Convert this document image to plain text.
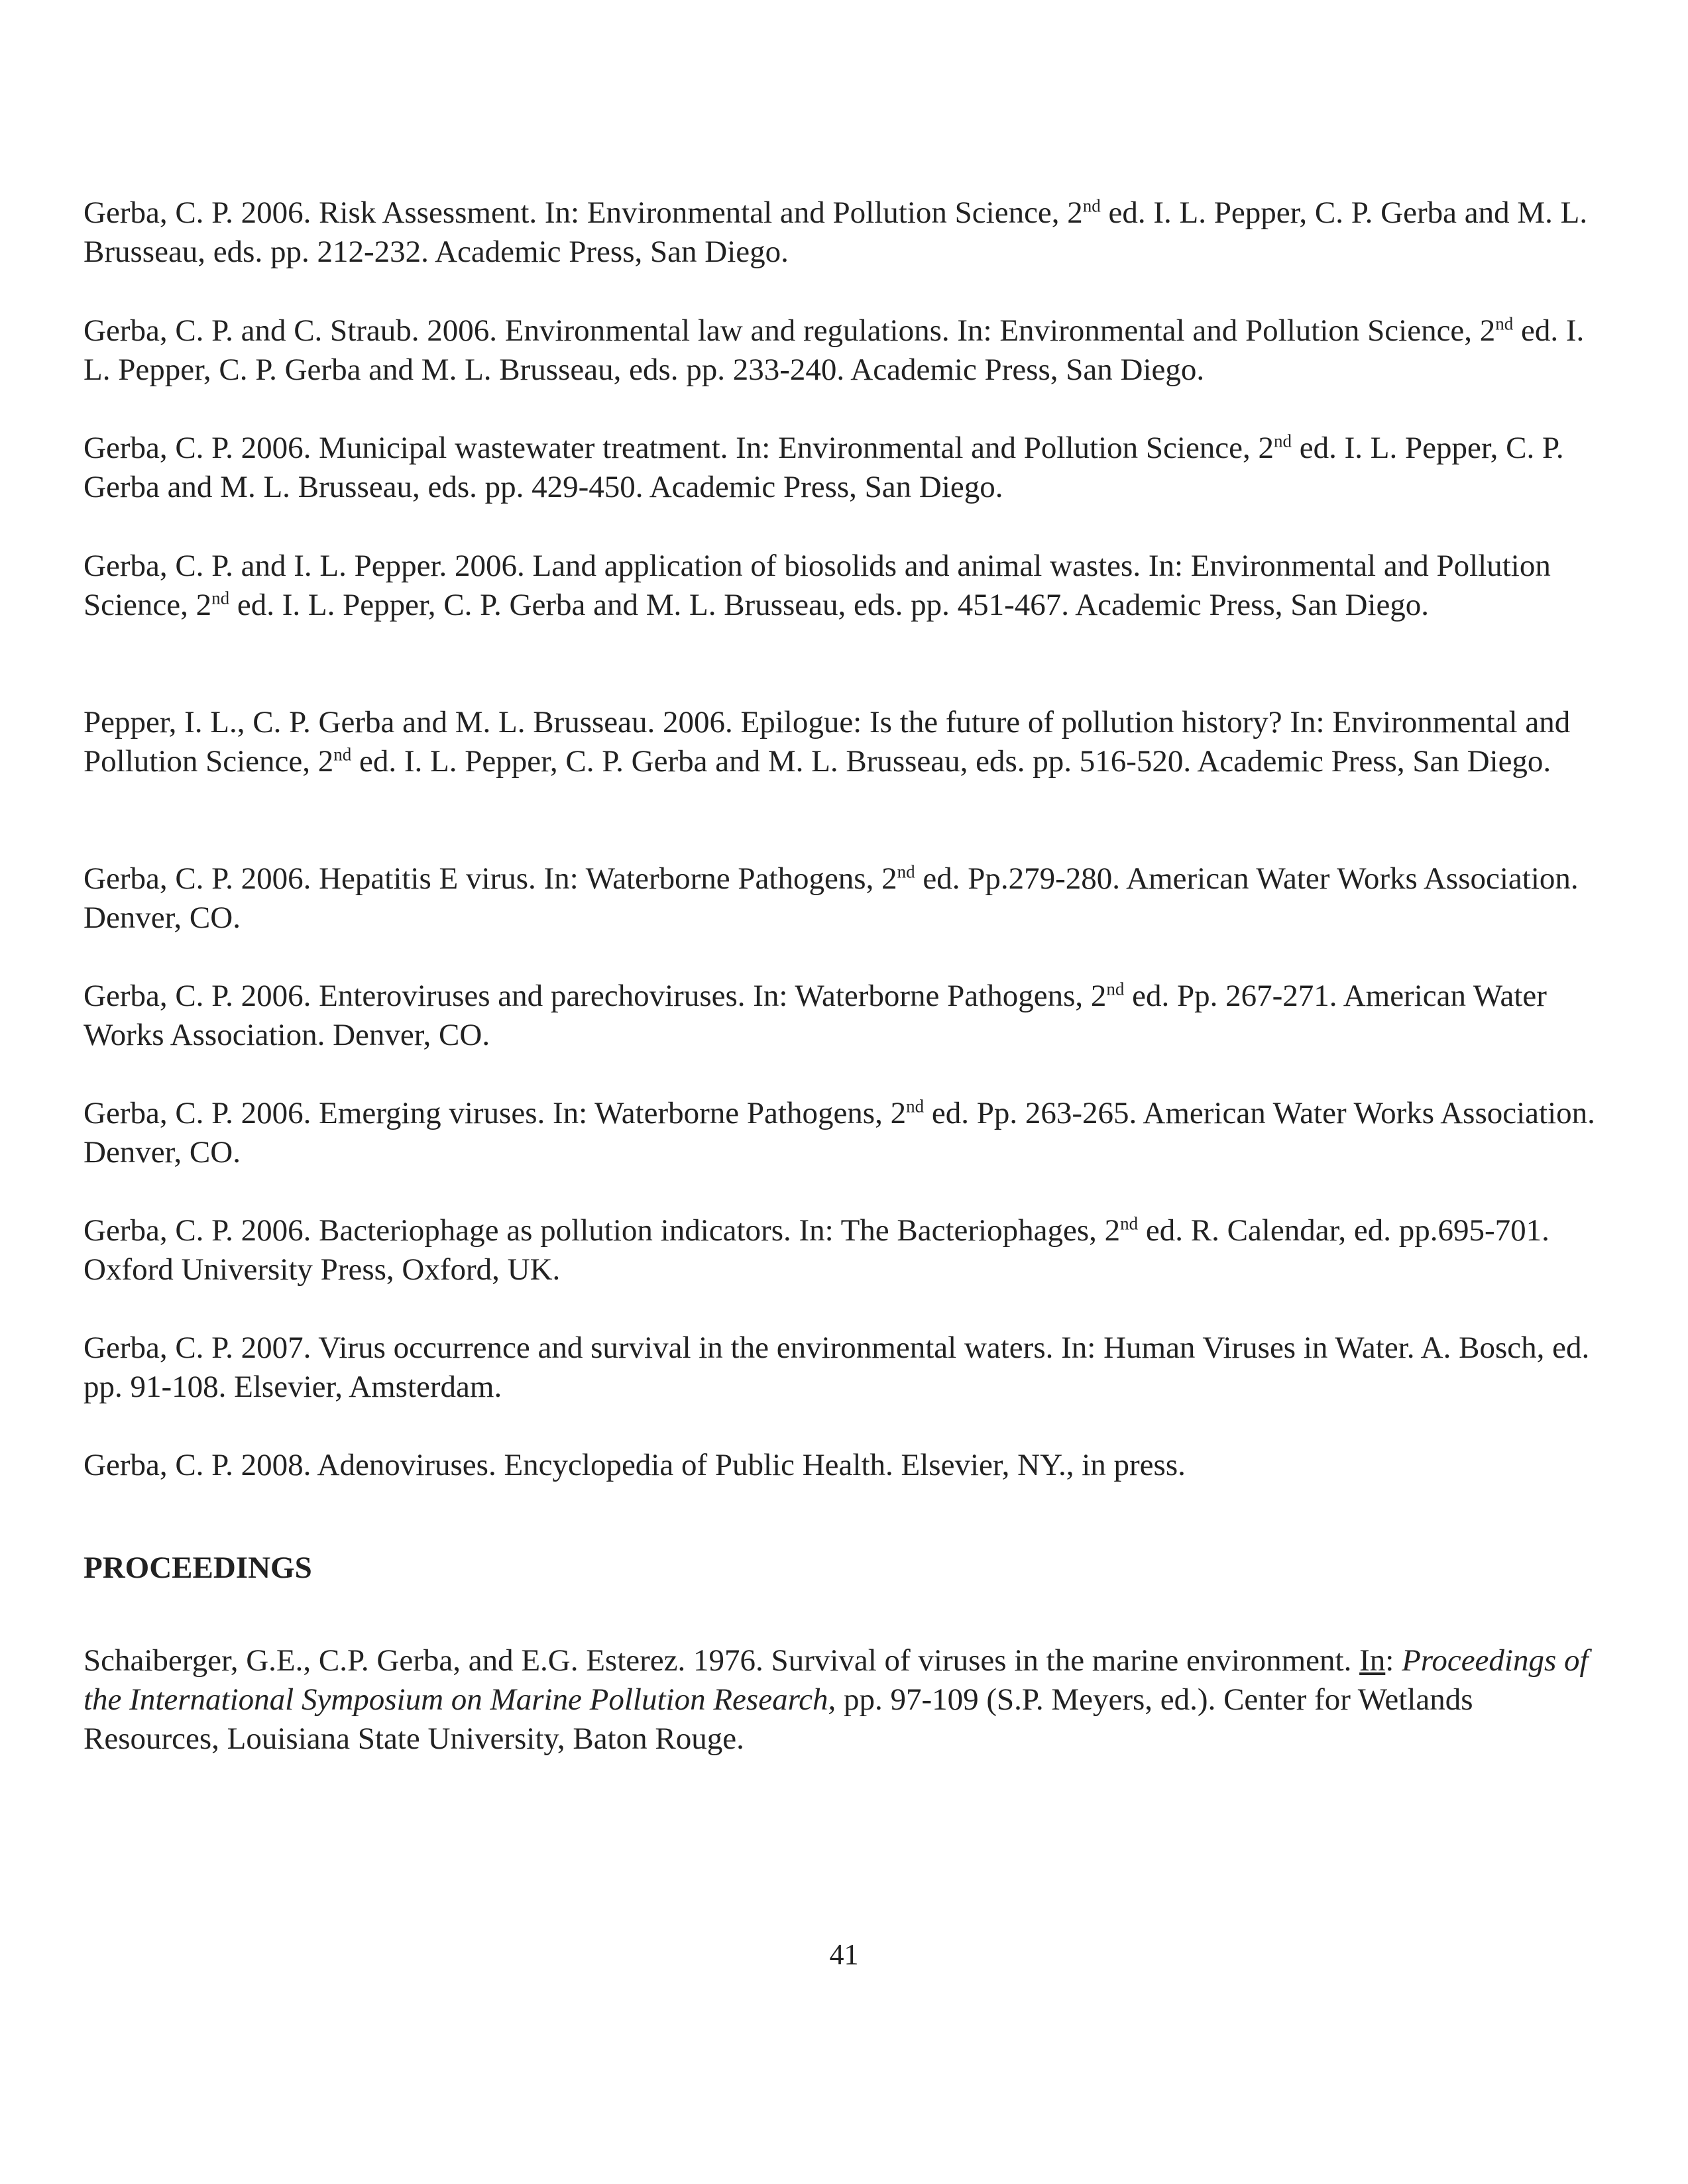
Gerba, C. P. 2006. Risk Assessment. In: Environmental and Pollution Science, 2nd ed. I. L. Pepper, C. P. Gerba and M. L. Brusseau, eds. pp. 212-232. Academic Press, San Diego.

Gerba, C. P. and C. Straub. 2006. Environmental law and regulations. In: Environmental and Pollution Science, 2nd ed. I. L. Pepper, C. P. Gerba and M. L. Brusseau, eds. pp. 233-240. Academic Press, San Diego.

Gerba, C. P. 2006. Municipal wastewater treatment. In: Environmental and Pollution Science, 2nd ed. I. L. Pepper, C. P. Gerba and M. L. Brusseau, eds. pp. 429-450. Academic Press, San Diego.

Gerba, C. P. and I. L. Pepper. 2006. Land application of biosolids and animal wastes. In: Environmental and Pollution Science, 2nd ed. I. L. Pepper, C. P. Gerba and M. L. Brusseau, eds. pp. 451-467. Academic Press, San Diego.

Pepper, I. L., C. P. Gerba and M. L. Brusseau. 2006. Epilogue: Is the future of pollution history? In: Environmental and Pollution Science, 2nd ed. I. L. Pepper, C. P. Gerba and M. L. Brusseau, eds. pp. 516-520. Academic Press, San Diego.

Gerba, C. P. 2006. Hepatitis E virus. In: Waterborne Pathogens, 2nd ed. Pp.279-280. American Water Works Association. Denver, CO.

Gerba, C. P. 2006. Enteroviruses and parechoviruses. In: Waterborne Pathogens, 2nd ed. Pp. 267-271. American Water Works Association. Denver, CO.

Gerba, C. P. 2006. Emerging viruses. In: Waterborne Pathogens, 2nd ed. Pp. 263-265. American Water Works Association. Denver, CO.

Gerba, C. P. 2006. Bacteriophage as pollution indicators. In: The Bacteriophages, 2nd ed. R. Calendar, ed. pp.695-701. Oxford University Press, Oxford, UK.

Gerba, C. P. 2007. Virus occurrence and survival in the environmental waters. In: Human Viruses in Water. A. Bosch, ed. pp. 91-108. Elsevier, Amsterdam.

Gerba, C. P. 2008. Adenoviruses. Encyclopedia of Public Health. Elsevier, NY., in press.

PROCEEDINGS

Schaiberger, G.E., C.P. Gerba, and E.G. Esterez. 1976. Survival of viruses in the marine environment. In: Proceedings of the International Symposium on Marine Pollution Research, pp. 97-109 (S.P. Meyers, ed.). Center for Wetlands Resources, Louisiana State University, Baton Rouge.

41
